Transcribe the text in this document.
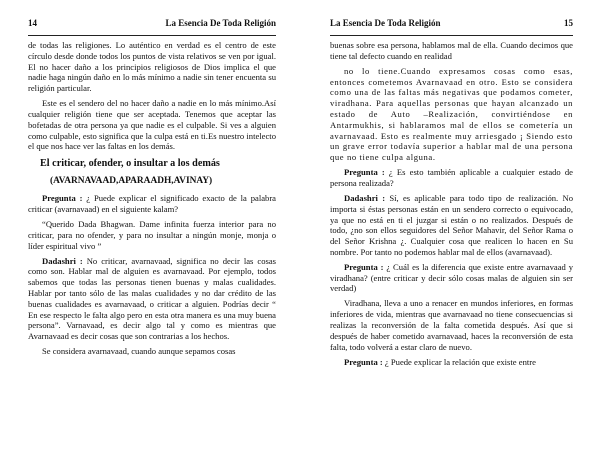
14	La Esencia De Toda Religión

de todas las religiones. Lo auténtico en verdad es el centro de este círculo desde donde todos los puntos de vista relativos se ven por igual. El no hacer daño a los principios religiosos de Dios implica el que nadie haga ningún daño en lo más mínimo a nadie sin tener encuenta su religión particular.

Este es el sendero del no hacer daño a nadie en lo más mínimo.Así cualquier religión tiene que ser aceptada. Tenemos que aceptar las bofetadas de otra persona ya que nadie es el culpable. Si ves a alguien como culpable, esto significa que la culpa está en ti.Es nuestro intelecto el que nos hace ver las faltas en los demás.

El criticar, ofender, o insultar a los demás
(AVARNAVAAD,APARAADH,AVINAY)

Pregunta : ¿ Puede explicar el significado exacto de la palabra criticar (avarnavaad) en el siguiente kalam?

“Querido Dada Bhagwan. Dame infinita fuerza interior para no criticar, para no ofender, y para no insultar a ningún monje, monja o líder espiritual vivo ”

Dadashri : No criticar, avarnavaad, significa no decir las cosas como son. Hablar mal de alguien es avarnavaad. Por ejemplo, todos sabemos que todas las personas tienen buenas y malas cualidades. Hablar por tanto sólo de las malas cualidades y no dar crédito de las buenas cualidades es avarnavaad, o criticar a alguien. Podrías decir “ En ese respecto le falta algo pero en esta otra manera es una muy buena persona”. Varnavaad, es decir algo tal y como es mientras que Avarnavaad es decir cosas que son contrarias a los hechos.

Se considera avarnavaad, cuando aunque sepamos cosas

La Esencia De Toda Religión	15

buenas sobre esa persona, hablamos mal de ella. Cuando decimos que tiene tal defecto cuando en realidad

no lo tiene.Cuando expresamos cosas como esas, entonces cometemos Avarnavaad en otro. Esto se considera como una de las faltas más negativas que podamos cometer, viradhana. Para aquellas personas que hayan alcanzado un estado de Auto –Realización, convirtiéndose en Antarmukhis, si hablaramos mal de ellos se cometería un avarnavaad. Esto es realmente muy arriesgado ¡ Siendo esto un grave error todavía superior a hablar mal de una persona que no tiene culpa alguna.

Pregunta : ¿ Es esto también aplicable a cualquier estado de persona realizada?

Dadashri : Sí, es aplicable para todo tipo de realización. No importa si éstas personas están en un sendero correcto o equivocado, ya que no está en ti el juzgar si están o no realizados. Después de todo, ¿no son ellos seguidores del Señor Mahavir, del Señor Rama o del Señor Krishna ¿. Cualquier cosa que realicen lo hacen en Su nombre. Por tanto no podemos hablar mal de ellos (avarnavaad).

Pregunta : ¿ Cuál es la diferencia que existe entre avarnavaad y viradhana? (entre criticar y decir sólo cosas malas de alguien sin ser verdad)

Viradhana, lleva a uno a renacer en mundos inferiores, en formas inferiores de vida, mientras que avarnavaad no tiene consecuencias si realizas la reconversión de la falta cometida después. Así que si después de haber cometido avarnavaad, haces la reconversión de esta falta, todo volverá a estar claro de nuevo.

Pregunta : ¿ Puede explicar la relación que existe entre
